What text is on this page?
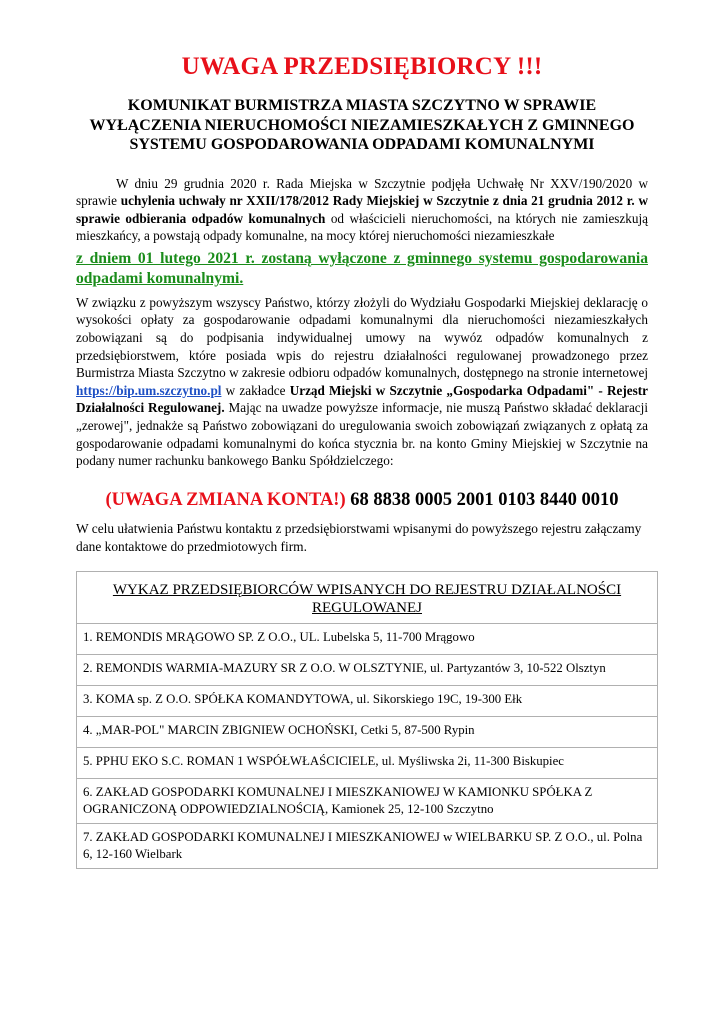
UWAGA PRZEDSIĘBIORCY !!!
KOMUNIKAT BURMISTRZA MIASTA SZCZYTNO W SPRAWIE WYŁĄCZENIA NIERUCHOMOŚCI NIEZAMIESZKAŁYCH Z GMINNEGO SYSTEMU GOSPODAROWANIA ODPADAMI KOMUNALNYMI

W dniu 29 grudnia 2020 r. Rada Miejska w Szczytnie podjęła Uchwałę Nr XXV/190/2020 w sprawie uchylenia uchwały nr XXII/178/2012 Rady Miejskiej w Szczytnie z dnia 21 grudnia 2012 r. w sprawie odbierania odpadów komunalnych od właścicieli nieruchomości, na których nie zamieszkują mieszkańcy, a powstają odpady komunalne, na mocy której nieruchomości niezamieszkałe

z dniem 01 lutego 2021 r. zostaną wyłączone z gminnego systemu gospodarowania odpadami komunalnymi.

W związku z powyższym wszyscy Państwo, którzy złożyli do Wydziału Gospodarki Miejskiej deklarację o wysokości opłaty za gospodarowanie odpadami komunalnymi dla nieruchomości niezamieszkałych zobowiązani są do podpisania indywidualnej umowy na wywóz odpadów komunalnych z przedsiębiorstwem, które posiada wpis do rejestru działalności regulowanej prowadzonego przez Burmistrza Miasta Szczytno w zakresie odbioru odpadów komunalnych, dostępnego na stronie internetowej https://bip.um.szczytno.pl w zakładce Urząd Miejski w Szczytnie „Gospodarka Odpadami" - Rejestr Działalności Regulowanej. Mając na uwadze powyższe informacje, nie muszą Państwo składać deklaracji „zerowej", jednakże są Państwo zobowiązani do uregulowania swoich zobowiązań związanych z opłatą za gospodarowanie odpadami komunalnymi do końca stycznia br. na konto Gminy Miejskiej w Szczytnie na podany numer rachunku bankowego Banku Spółdzielczego:

(UWAGA ZMIANA KONTA!) 68 8838 0005 2001 0103 8440 0010

W celu ułatwienia Państwu kontaktu z przedsiębiorstwami wpisanymi do powyższego rejestru załączamy dane kontaktowe do przedmiotowych firm.

WYKAZ PRZEDSIĘBIORCÓW WPISANYCH DO REJESTRU DZIAŁALNOŚCI REGULOWANEJ
1. REMONDIS MRĄGOWO SP. Z O.O., UL. Lubelska 5, 11-700 Mrągowo
2. REMONDIS WARMIA-MAZURY SR Z O.O. W OLSZTYNIE, ul. Partyzantów 3, 10-522 Olsztyn
3. KOMA sp. Z O.O. SPÓŁKA KOMANDYTOWA, ul. Sikorskiego 19C, 19-300 Ełk
4. „MAR-POL" MARCIN ZBIGNIEW OCHOŃSKI, Cetki 5, 87-500 Rypin
5. PPHU EKO S.C. ROMAN 1 WSPÓŁWŁAŚCICIELE, ul. Myśliwska 2i, 11-300 Biskupiec
6. ZAKŁAD GOSPODARKI KOMUNALNEJ I MIESZKANIOWEJ W KAMIONKU SPÓŁKA Z OGRANICZONĄ ODPOWIEDZIALNOŚCIĄ, Kamionek 25, 12-100 Szczytno
7. ZAKŁAD GOSPODARKI KOMUNALNEJ I MIESZKANIOWEJ w WIELBARKU SP. Z O.O., ul. Polna 6, 12-160 Wielbark
